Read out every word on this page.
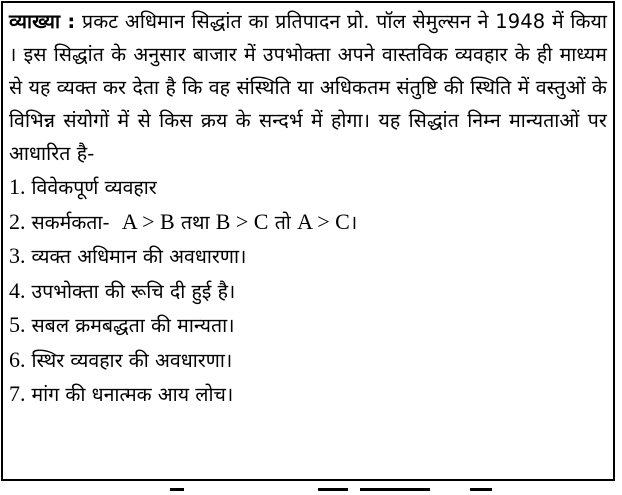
व्याख्या : प्रकट अधिमान सिद्धांत का प्रतिपादन प्रो. पॉल सेमुल्सन ने 1948 में किया । इस सिद्धांत के अनुसार बाजार में उपभोक्ता अपने वास्तविक व्यवहार के ही माध्यम से यह व्यक्त कर देता है कि वह संस्थिति या अधिकतम संतुष्टि की स्थिति में वस्तुओं के विभिन्न संयोगों में से किस क्रय के सन्दर्भ में होगा। यह सिद्धांत निम्न मान्यताओं पर आधारित है-

1. विवेकपूर्ण व्यवहार
2. सकर्मकता- A > B तथा B > C तो A > C।
3. व्यक्त अधिमान की अवधारणा।
4. उपभोक्ता की रूचि दी हुई है।
5. सबल क्रमबद्धता की मान्यता।
6. स्थिर व्यवहार की अवधारणा।
7. मांग की धनात्मक आय लोच।
